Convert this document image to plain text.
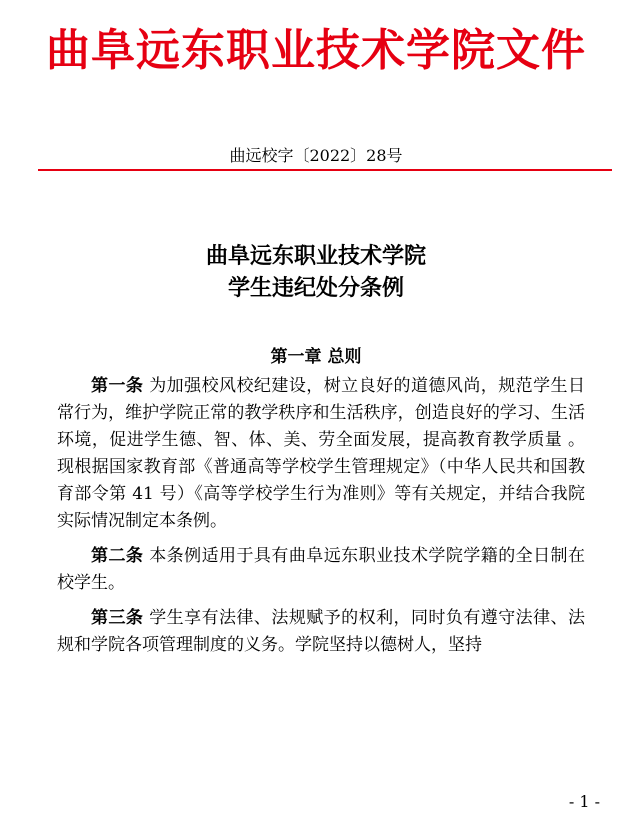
曲阜远东职业技术学院文件
曲远校字〔2022〕28号
曲阜远东职业技术学院
学生违纪处分条例
第一章 总则

第一条 为加强校风校纪建设，树立良好的道德风尚，规范学生日常行为，维护学院正常的教学秩序和生活秩序，创造良好的学习、生活环境，促进学生德、智、体、美、劳全面发展，提高教育教学质量 。现根据国家教育部《普通高等学校学生管理规定》（中华人民共和国教育部令第 41 号）《高等学校学生行为准则》等有关规定，并结合我院实际情况制定本条例。

第二条 本条例适用于具有曲阜远东职业技术学院学籍的全日制在校学生。

第三条 学生享有法律、法规赋予的权利，同时负有遵守法律、法规和学院各项管理制度的义务。学院坚持以德树人，坚持

- 1 -
